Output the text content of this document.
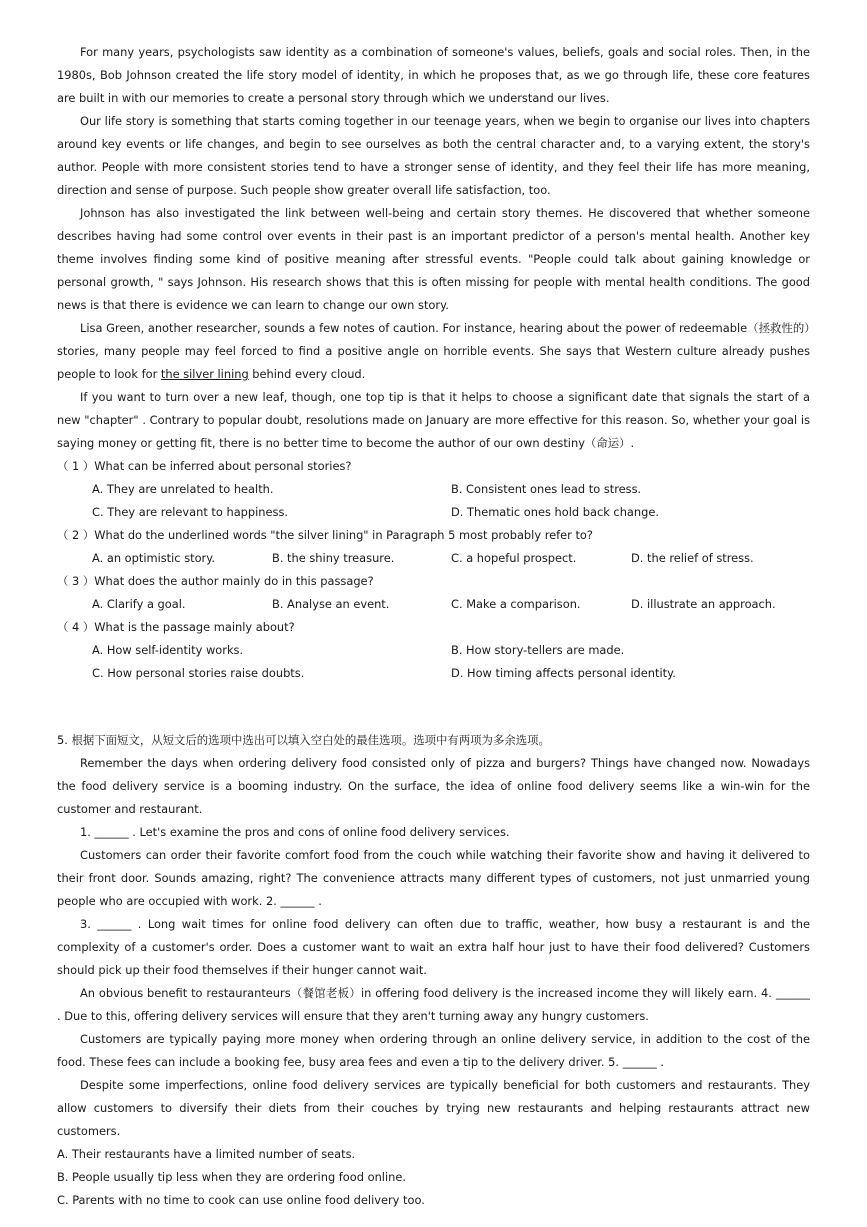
For many years, psychologists saw identity as a combination of someone's values, beliefs, goals and social roles. Then, in the 1980s, Bob Johnson created the life story model of identity, in which he proposes that, as we go through life, these core features are built in with our memories to create a personal story through which we understand our lives.

Our life story is something that starts coming together in our teenage years, when we begin to organise our lives into chapters around key events or life changes, and begin to see ourselves as both the central character and, to a varying extent, the story's author. People with more consistent stories tend to have a stronger sense of identity, and they feel their life has more meaning, direction and sense of purpose. Such people show greater overall life satisfaction, too.

Johnson has also investigated the link between well-being and certain story themes. He discovered that whether someone describes having had some control over events in their past is an important predictor of a person's mental health. Another key theme involves finding some kind of positive meaning after stressful events. "People could talk about gaining knowledge or personal growth, " says Johnson. His research shows that this is often missing for people with mental health conditions. The good news is that there is evidence we can learn to change our own story.

Lisa Green, another researcher, sounds a few notes of caution. For instance, hearing about the power of redeemable（拯救性的）stories, many people may feel forced to find a positive angle on horrible events. She says that Western culture already pushes people to look for the silver lining behind every cloud.

If you want to turn over a new leaf, though, one top tip is that it helps to choose a significant date that signals the start of a new "chapter" . Contrary to popular doubt, resolutions made on January are more effective for this reason. So, whether your goal is saying money or getting fit, there is no better time to become the author of our own destiny（命运）.

（ 1 ）What can be inferred about personal stories?
A. They are unrelated to health.	B. Consistent ones lead to stress.
C. They are relevant to happiness.	D. Thematic ones hold back change.
（ 2 ）What do the underlined words "the silver lining" in Paragraph 5 most probably refer to?
A. an optimistic story.	B. the shiny treasure.	C. a hopeful prospect.	D. the relief of stress.
（ 3 ）What does the author mainly do in this passage?
A. Clarify a goal.	B. Analyse an event.	C. Make a comparison.	D. illustrate an approach.
（ 4 ）What is the passage mainly about?
A. How self-identity works.	B. How story-tellers are made.
C. How personal stories raise doubts.	D. How timing affects personal identity.
5. 根据下面短文，从短文后的选项中选出可以填入空白处的最佳选项。选项中有两项为多余选项。

Remember the days when ordering delivery food consisted only of pizza and burgers? Things have changed now. Nowadays the food delivery service is a booming industry. On the surface, the idea of online food delivery seems like a win-win for the customer and restaurant.

1. ______ . Let's examine the pros and cons of online food delivery services.

Customers can order their favorite comfort food from the couch while watching their favorite show and having it delivered to their front door. Sounds amazing, right? The convenience attracts many different types of customers, not just unmarried young people who are occupied with work. 2. ______ .

3. ______ . Long wait times for online food delivery can often due to traffic, weather, how busy a restaurant is and the complexity of a customer's order. Does a customer want to wait an extra half hour just to have their food delivered? Customers should pick up their food themselves if their hunger cannot wait.

An obvious benefit to restauranteurs（餐馆老板）in offering food delivery is the increased income they will likely earn. 4. ______ . Due to this, offering delivery services will ensure that they aren't turning away any hungry customers.

Customers are typically paying more money when ordering through an online delivery service, in addition to the cost of the food. These fees can include a booking fee, busy area fees and even a tip to the delivery driver. 5. ______ .

Despite some imperfections, online food delivery services are typically beneficial for both customers and restaurants. They allow customers to diversify their diets from their couches by trying new restaurants and helping restaurants attract new customers.

A. Their restaurants have a limited number of seats.
B. People usually tip less when they are ordering food online.
C. Parents with no time to cook can use online food delivery too.
